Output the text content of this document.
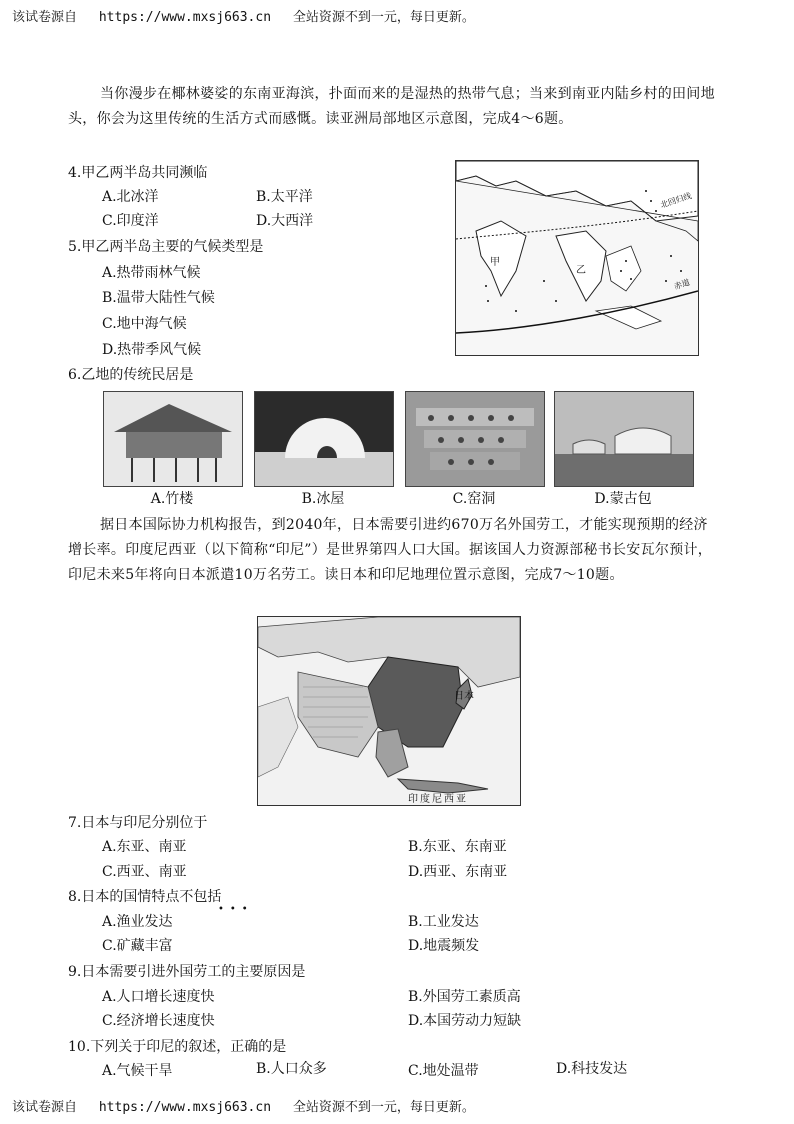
该试卷源自 https://www.mxsj663.cn 全站资源不到一元，每日更新。
当你漫步在椰林婆娑的东南亚海滨，扑面而来的是湿热的热带气息；当来到南亚内陆乡村的田间地头，你会为这里传统的生活方式而感慨。读亚洲局部地区示意图，完成4～6题。
甲
乙
北回归线
赤道
4.甲乙两半岛共同濒临
A.北冰洋	B.太平洋
C.印度洋	D.大西洋
5.甲乙两半岛主要的气候类型是
A.热带雨林气候
B.温带大陆性气候
C.地中海气候
D.热带季风气候
6.乙地的传统民居是
A.竹楼	B.冰屋	C.窑洞	D.蒙古包
据日本国际协力机构报告，到2040年，日本需要引进约670万名外国劳工，才能实现预期的经济增长率。印度尼西亚（以下简称“印尼”）是世界第四人口大国。据该国人力资源部秘书长安瓦尔预计，印尼未来5年将向日本派遣10万名劳工。读日本和印尼地理位置示意图，完成7～10题。
日本
印度尼西亚
7.日本与印尼分别位于
A.东亚、南亚	B.东亚、东南亚
C.西亚、南亚	D.西亚、东南亚
8.日本的国情特点不包括
•••
A.渔业发达	B.工业发达
C.矿藏丰富	D.地震频发
9.日本需要引进外国劳工的主要原因是
A.人口增长速度快	B.外国劳工素质高
C.经济增长速度快	D.本国劳动力短缺
10.下列关于印尼的叙述，正确的是
A.气候干旱	B.人口众多	C.地处温带	D.科技发达
该试卷源自 https://www.mxsj663.cn 全站资源不到一元，每日更新。
